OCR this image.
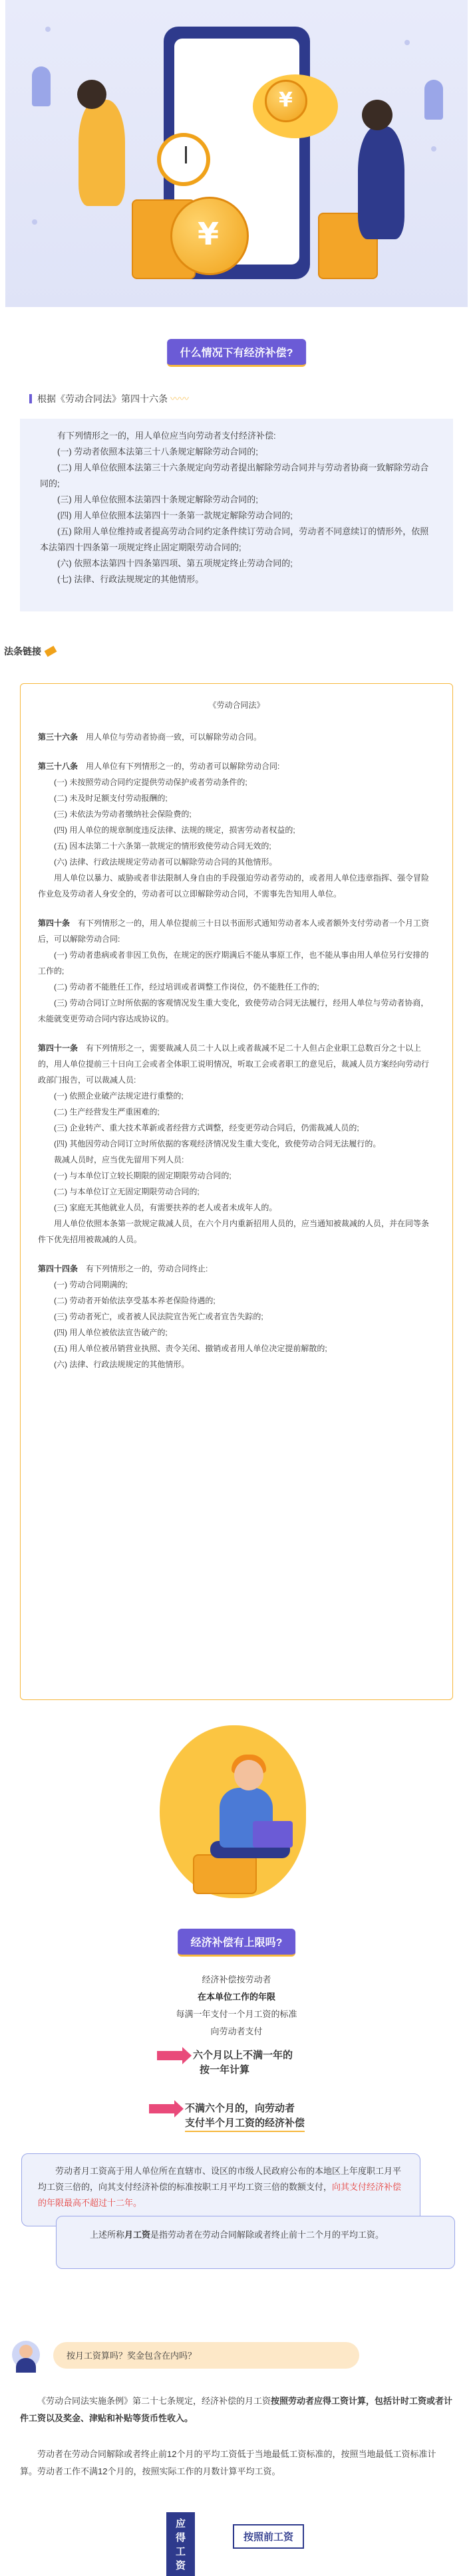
¥
¥
什么情况下有经济补偿?
根据《劳动合同法》第四十六条 〰〰

有下列情形之一的，用人单位应当向劳动者支付经济补偿:

(一) 劳动者依照本法第三十八条规定解除劳动合同的;

(二) 用人单位依照本法第三十六条规定向劳动者提出解除劳动合同并与劳动者协商一致解除劳动合同的;

(三) 用人单位依照本法第四十条规定解除劳动合同的;

(四) 用人单位依照本法第四十一条第一款规定解除劳动合同的;

(五) 除用人单位维持或者提高劳动合同约定条件续订劳动合同，劳动者不同意续订的情形外，依照本法第四十四条第一项规定终止固定期限劳动合同的;

(六) 依照本法第四十四条第四项、第五项规定终止劳动合同的;

(七) 法律、行政法规规定的其他情形。

法条链接
《劳动合同法》

第三十六条　用人单位与劳动者协商一致，可以解除劳动合同。

第三十八条　用人单位有下列情形之一的，劳动者可以解除劳动合同:

(一) 未按照劳动合同约定提供劳动保护或者劳动条件的;

(二) 未及时足额支付劳动报酬的;

(三) 未依法为劳动者缴纳社会保险费的;

(四) 用人单位的规章制度违反法律、法规的规定，损害劳动者权益的;

(五) 因本法第二十六条第一款规定的情形致使劳动合同无效的;

(六) 法律、行政法规规定劳动者可以解除劳动合同的其他情形。

用人单位以暴力、威胁或者非法限制人身自由的手段强迫劳动者劳动的，或者用人单位违章指挥、强令冒险作业危及劳动者人身安全的，劳动者可以立即解除劳动合同，不需事先告知用人单位。

第四十条　有下列情形之一的，用人单位提前三十日以书面形式通知劳动者本人或者额外支付劳动者一个月工资后，可以解除劳动合同:

(一) 劳动者患病或者非因工负伤，在规定的医疗期满后不能从事原工作，也不能从事由用人单位另行安排的工作的;

(二) 劳动者不能胜任工作，经过培训或者调整工作岗位，仍不能胜任工作的;

(三) 劳动合同订立时所依据的客观情况发生重大变化，致使劳动合同无法履行，经用人单位与劳动者协商，未能就变更劳动合同内容达成协议的。

第四十一条　有下列情形之一，需要裁减人员二十人以上或者裁减不足二十人但占企业职工总数百分之十以上的，用人单位提前三十日向工会或者全体职工说明情况，听取工会或者职工的意见后，裁减人员方案经向劳动行政部门报告，可以裁减人员:

(一) 依照企业破产法规定进行重整的;

(二) 生产经营发生严重困难的;

(三) 企业转产、重大技术革新或者经营方式调整，经变更劳动合同后，仍需裁减人员的;

(四) 其他因劳动合同订立时所依据的客观经济情况发生重大变化，致使劳动合同无法履行的。

裁减人员时，应当优先留用下列人员:

(一) 与本单位订立较长期限的固定期限劳动合同的;

(二) 与本单位订立无固定期限劳动合同的;

(三) 家庭无其他就业人员，有需要扶养的老人或者未成年人的。

用人单位依照本条第一款规定裁减人员，在六个月内重新招用人员的，应当通知被裁减的人员，并在同等条件下优先招用被裁减的人员。

第四十四条　有下列情形之一的，劳动合同终止:

(一) 劳动合同期满的;

(二) 劳动者开始依法享受基本养老保险待遇的;

(三) 劳动者死亡，或者被人民法院宣告死亡或者宣告失踪的;

(四) 用人单位被依法宣告破产的;

(五) 用人单位被吊销营业执照、责令关闭、撤销或者用人单位决定提前解散的;

(六) 法律、行政法规规定的其他情形。

经济补偿有上限吗?
经济补偿按劳动者
在本单位工作的年限
每满一年支付一个月工资的标准
向劳动者支付
六个月以上不满一年的
按一年计算
不满六个月的，向劳动者
支付半个月工资的经济补偿
劳动者月工资高于用人单位所在直辖市、设区的市级人民政府公布的本地区上年度职工月平均工资三倍的，向其支付经济补偿的标准按职工月平均工资三倍的数额支付，向其支付经济补偿的年限最高不超过十二年。
上述所称月工资是指劳动者在劳动合同解除或者终止前十二个月的平均工资。
按月工资算吗？奖金包含在内吗？
《劳动合同法实施条例》第二十七条规定，经济补偿的月工资按照劳动者应得工资计算，包括计时工资或者计件工资以及奖金、津贴和补贴等货币性收入。
劳动者在劳动合同解除或者终止前12个月的平均工资低于当地最低工资标准的，按照当地最低工资标准计算。劳动者工作不满12个月的，按照实际工作的月数计算平均工资。
应得工资
按照前工资
